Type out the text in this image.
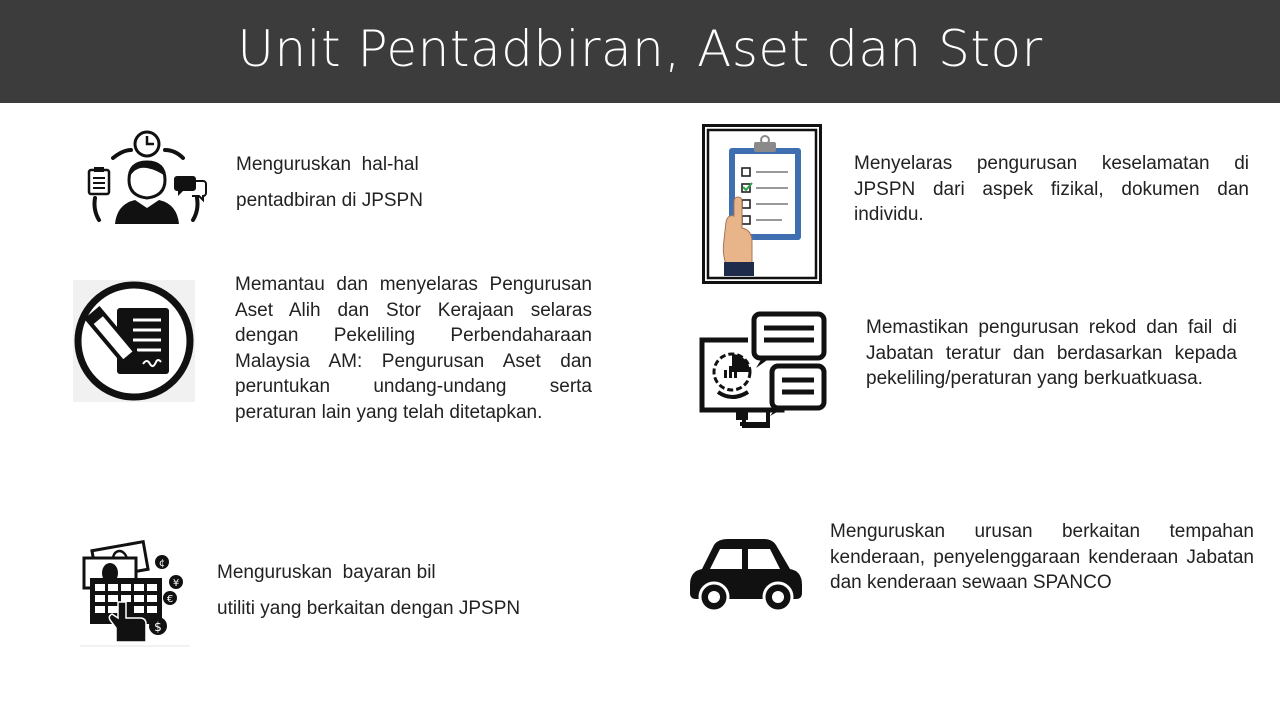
Unit Pentadbiran, Aset dan Stor
Menguruskan  hal-hal
pentadbiran di JPSPN
Memantau dan menyelaras Pengurusan Aset Alih dan Stor Kerajaan selaras dengan Pekeliling Perbendaharaan Malaysia AM: Pengurusan Aset dan peruntukan undang-undang serta peraturan lain yang telah ditetapkan.
¢
¥
€
$
Menguruskan  bayaran bil
utiliti yang berkaitan dengan JPSPN
Menyelaras pengurusan keselamatan di JPSPN dari aspek fizikal, dokumen dan individu.
Memastikan pengurusan rekod dan fail di Jabatan teratur dan berdasarkan kepada pekeliling/peraturan yang berkuatkuasa.
Menguruskan urusan berkaitan tempahan kenderaan, penyelenggaraan kenderaan Jabatan dan kenderaan sewaan SPANCO
